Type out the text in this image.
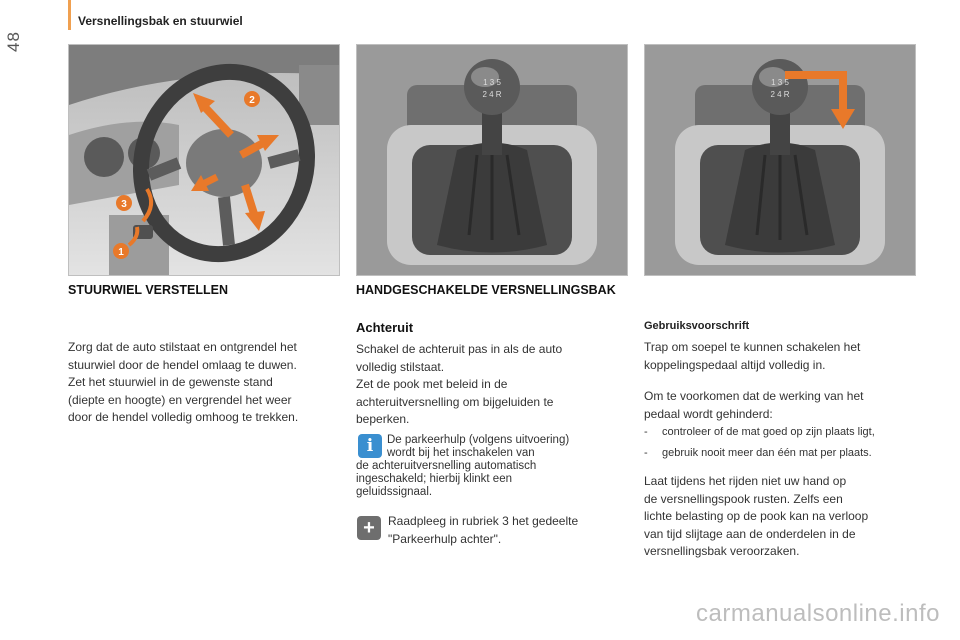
48
Versnellingsbak en stuurwiel
1
2
3
1 3 5
2 4 R
1 3 5
2 4 R
STUURWIEL VERSTELLEN
Zorg dat de auto stilstaat en ontgrendel het
stuurwiel door de hendel omlaag te duwen.
Zet het stuurwiel in de gewenste stand
(diepte en hoogte) en vergrendel het weer
door de hendel volledig omhoog te trekken.
HANDGESCHAKELDE VERSNELLINGSBAK
Achteruit
Schakel de achteruit pas in als de auto
volledig stilstaat.
Zet de pook met beleid in de
achteruitversnelling om bijgeluiden te
beperken.
i	De parkeerhulp (volgens uitvoering)
wordt bij het inschakelen van
de achteruitversnelling automatisch
ingeschakeld; hierbij klinkt een
geluidssignaal.
+	Raadpleeg in rubriek 3 het gedeelte
"Parkeerhulp achter".
Gebruiksvoorschrift
Trap om soepel te kunnen schakelen het
koppelingspedaal altijd volledig in.
Om te voorkomen dat de werking van het
pedaal wordt gehinderd:
-	controleer of de mat goed op zijn plaats ligt,
-	gebruik nooit meer dan één mat per plaats.
Laat tijdens het rijden niet uw hand op
de versnellingspook rusten. Zelfs een
lichte belasting op de pook kan na verloop
van tijd slijtage aan de onderdelen in de
versnellingsbak veroorzaken.
carmanualsonline.info
